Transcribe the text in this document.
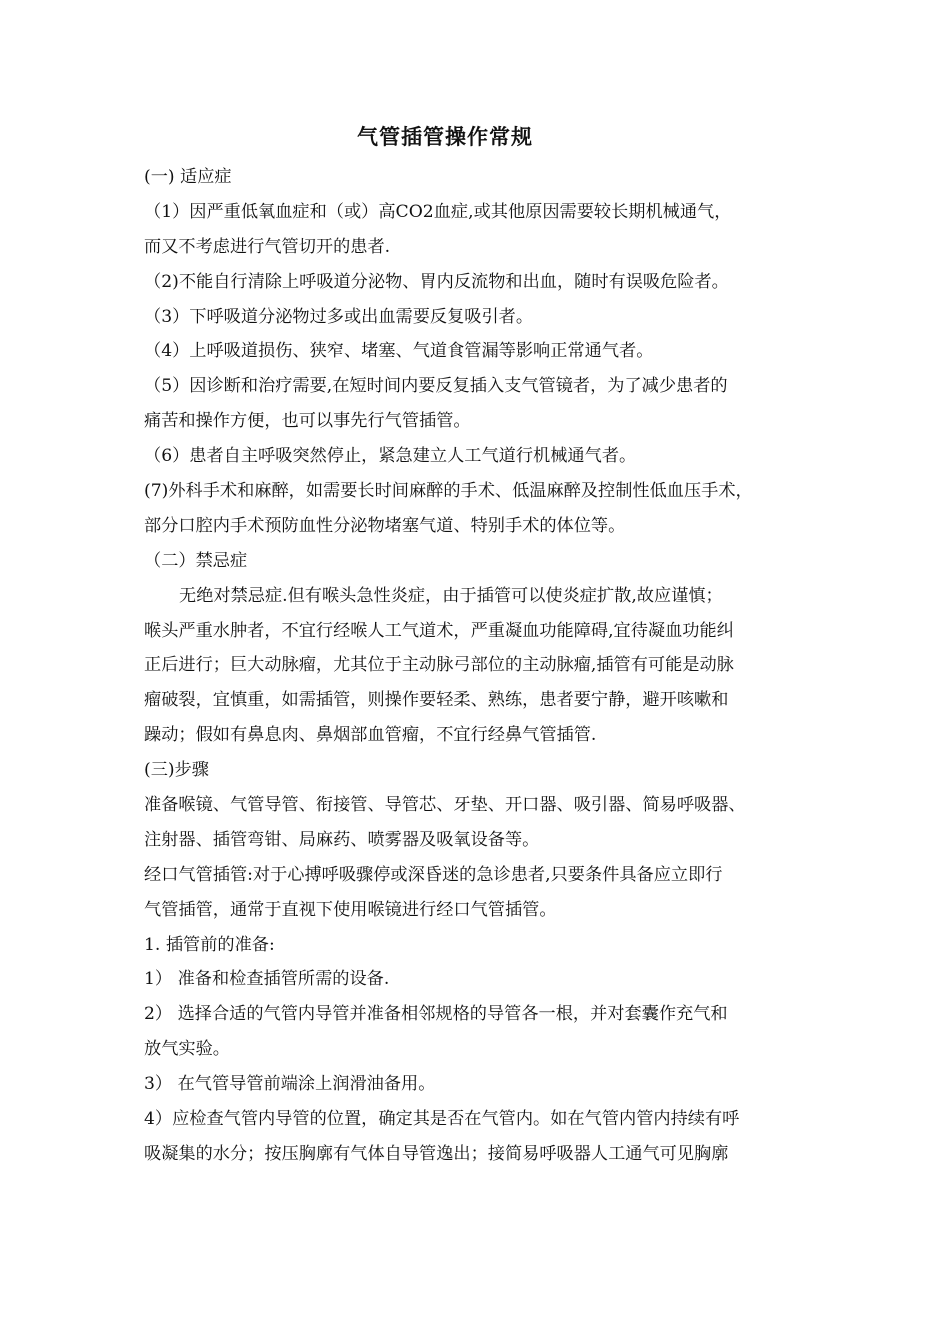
气管插管操作常规
(一) 适应症
（1）因严重低氧血症和（或）高CO2血症,或其他原因需要较长期机械通气，
而又不考虑进行气管切开的患者.
（2)不能自行清除上呼吸道分泌物、胃内反流物和出血，随时有误吸危险者。
（3）下呼吸道分泌物过多或出血需要反复吸引者。
（4）上呼吸道损伤、狭窄、堵塞、气道食管漏等影响正常通气者。
（5）因诊断和治疗需要,在短时间内要反复插入支气管镜者，为了减少患者的
痛苦和操作方便，也可以事先行气管插管。
（6）患者自主呼吸突然停止，紧急建立人工气道行机械通气者。
(7)外科手术和麻醉，如需要长时间麻醉的手术、低温麻醉及控制性低血压手术，
部分口腔内手术预防血性分泌物堵塞气道、特别手术的体位等。
（二）禁忌症
无绝对禁忌症.但有喉头急性炎症，由于插管可以使炎症扩散,故应谨慎；
喉头严重水肿者，不宜行经喉人工气道术，严重凝血功能障碍,宜待凝血功能纠
正后进行；巨大动脉瘤，尤其位于主动脉弓部位的主动脉瘤,插管有可能是动脉
瘤破裂，宜慎重，如需插管，则操作要轻柔、熟练，患者要宁静，避开咳嗽和
躁动；假如有鼻息肉、鼻烟部血管瘤，不宜行经鼻气管插管.
(三)步骤
准备喉镜、气管导管、衔接管、导管芯、牙垫、开口器、吸引器、简易呼吸器、
注射器、插管弯钳、局麻药、喷雾器及吸氧设备等。
经口气管插管:对于心搏呼吸骤停或深昏迷的急诊患者,只要条件具备应立即行
气管插管，通常于直视下使用喉镜进行经口气管插管。
1. 插管前的准备:
1） 准备和检查插管所需的设备.
2） 选择合适的气管内导管并准备相邻规格的导管各一根，并对套囊作充气和
放气实验。
3） 在气管导管前端涂上润滑油备用。
4）应检查气管内导管的位置，确定其是否在气管内。如在气管内管内持续有呼
吸凝集的水分；按压胸廓有气体自导管逸出；接简易呼吸器人工通气可见胸廓
